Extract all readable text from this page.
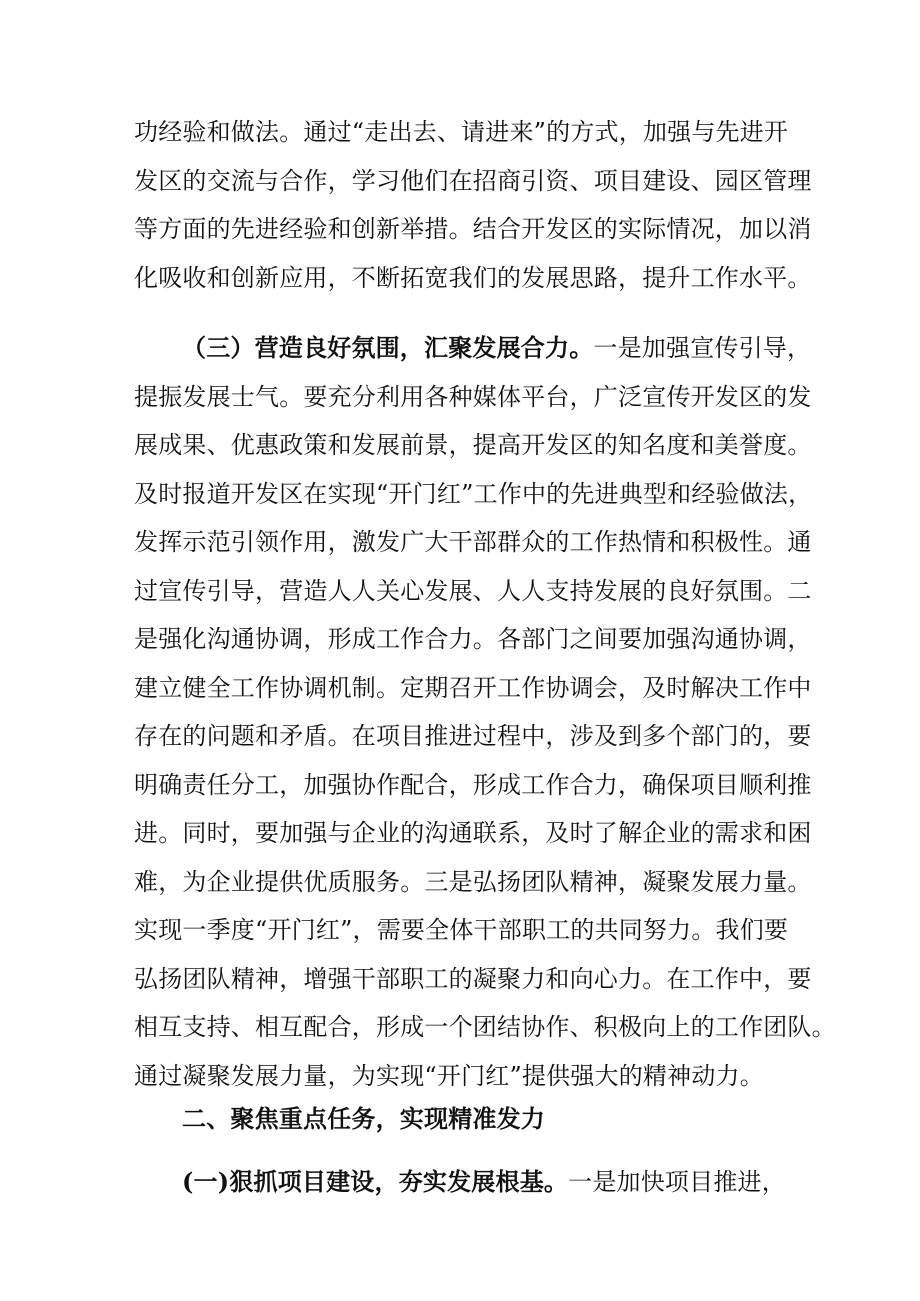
功经验和做法。通过“走出去、请进来”的方式，加强与先进开
发区的交流与合作，学习他们在招商引资、项目建设、园区管理
等方面的先进经验和创新举措。结合开发区的实际情况，加以消
化吸收和创新应用，不断拓宽我们的发展思路，提升工作水平。
（三）营造良好氛围，汇聚发展合力。一是加强宣传引导，
提振发展士气。要充分利用各种媒体平台，广泛宣传开发区的发
展成果、优惠政策和发展前景，提高开发区的知名度和美誉度。
及时报道开发区在实现“开门红”工作中的先进典型和经验做法，
发挥示范引领作用，激发广大干部群众的工作热情和积极性。通
过宣传引导，营造人人关心发展、人人支持发展的良好氛围。二
是强化沟通协调，形成工作合力。各部门之间要加强沟通协调，
建立健全工作协调机制。定期召开工作协调会，及时解决工作中
存在的问题和矛盾。在项目推进过程中，涉及到多个部门的，要
明确责任分工，加强协作配合，形成工作合力，确保项目顺利推
进。同时，要加强与企业的沟通联系，及时了解企业的需求和困
难，为企业提供优质服务。三是弘扬团队精神，凝聚发展力量。
实现一季度“开门红”，需要全体干部职工的共同努力。我们要
弘扬团队精神，增强干部职工的凝聚力和向心力。在工作中，要
相互支持、相互配合，形成一个团结协作、积极向上的工作团队。
通过凝聚发展力量，为实现“开门红”提供强大的精神动力。
二、聚焦重点任务，实现精准发力
(一)狠抓项目建设，夯实发展根基。一是加快项目推进，
